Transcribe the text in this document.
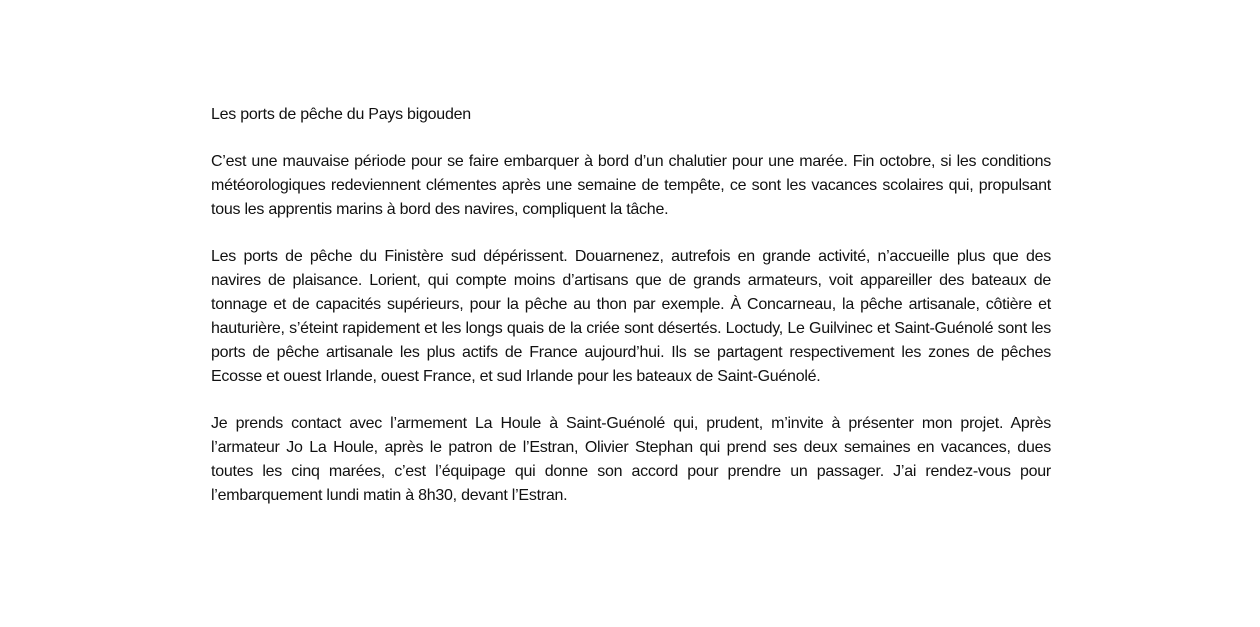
Les ports de pêche du Pays bigouden

C’est une mauvaise période pour se faire embarquer à bord d’un chalutier pour une marée. Fin octobre, si les conditions météorologiques redeviennent clémentes après une semaine de tempête, ce sont les vacances scolaires qui, propulsant tous les apprentis marins à bord des navires, compliquent la tâche.

Les ports de pêche du Finistère sud dépérissent. Douarnenez, autrefois en grande activité, n’accueille plus que des navires de plaisance. Lorient, qui compte moins d’artisans que de grands armateurs, voit appareiller des bateaux de tonnage et de capacités supérieurs, pour la pêche au thon par exemple. À Concarneau, la pêche artisanale, côtière et hauturière, s’éteint rapidement et les longs quais de la criée sont désertés. Loctudy, Le Guilvinec et Saint-Guénolé sont les ports de pêche artisanale les plus actifs de France aujourd’hui. Ils se partagent respectivement les zones de pêches Ecosse et ouest Irlande, ouest France, et sud Irlande pour les bateaux de Saint-Guénolé.

Je prends contact avec l’armement La Houle à Saint-Guénolé qui, prudent, m’invite à présenter mon projet. Après l’armateur Jo La Houle, après le patron de l’Estran, Olivier Stephan qui prend ses deux semaines en vacances, dues toutes les cinq marées, c’est l’équipage qui donne son accord pour prendre un passager. J’ai rendez-vous pour l’embarquement lundi matin à 8h30, devant l’Estran.
